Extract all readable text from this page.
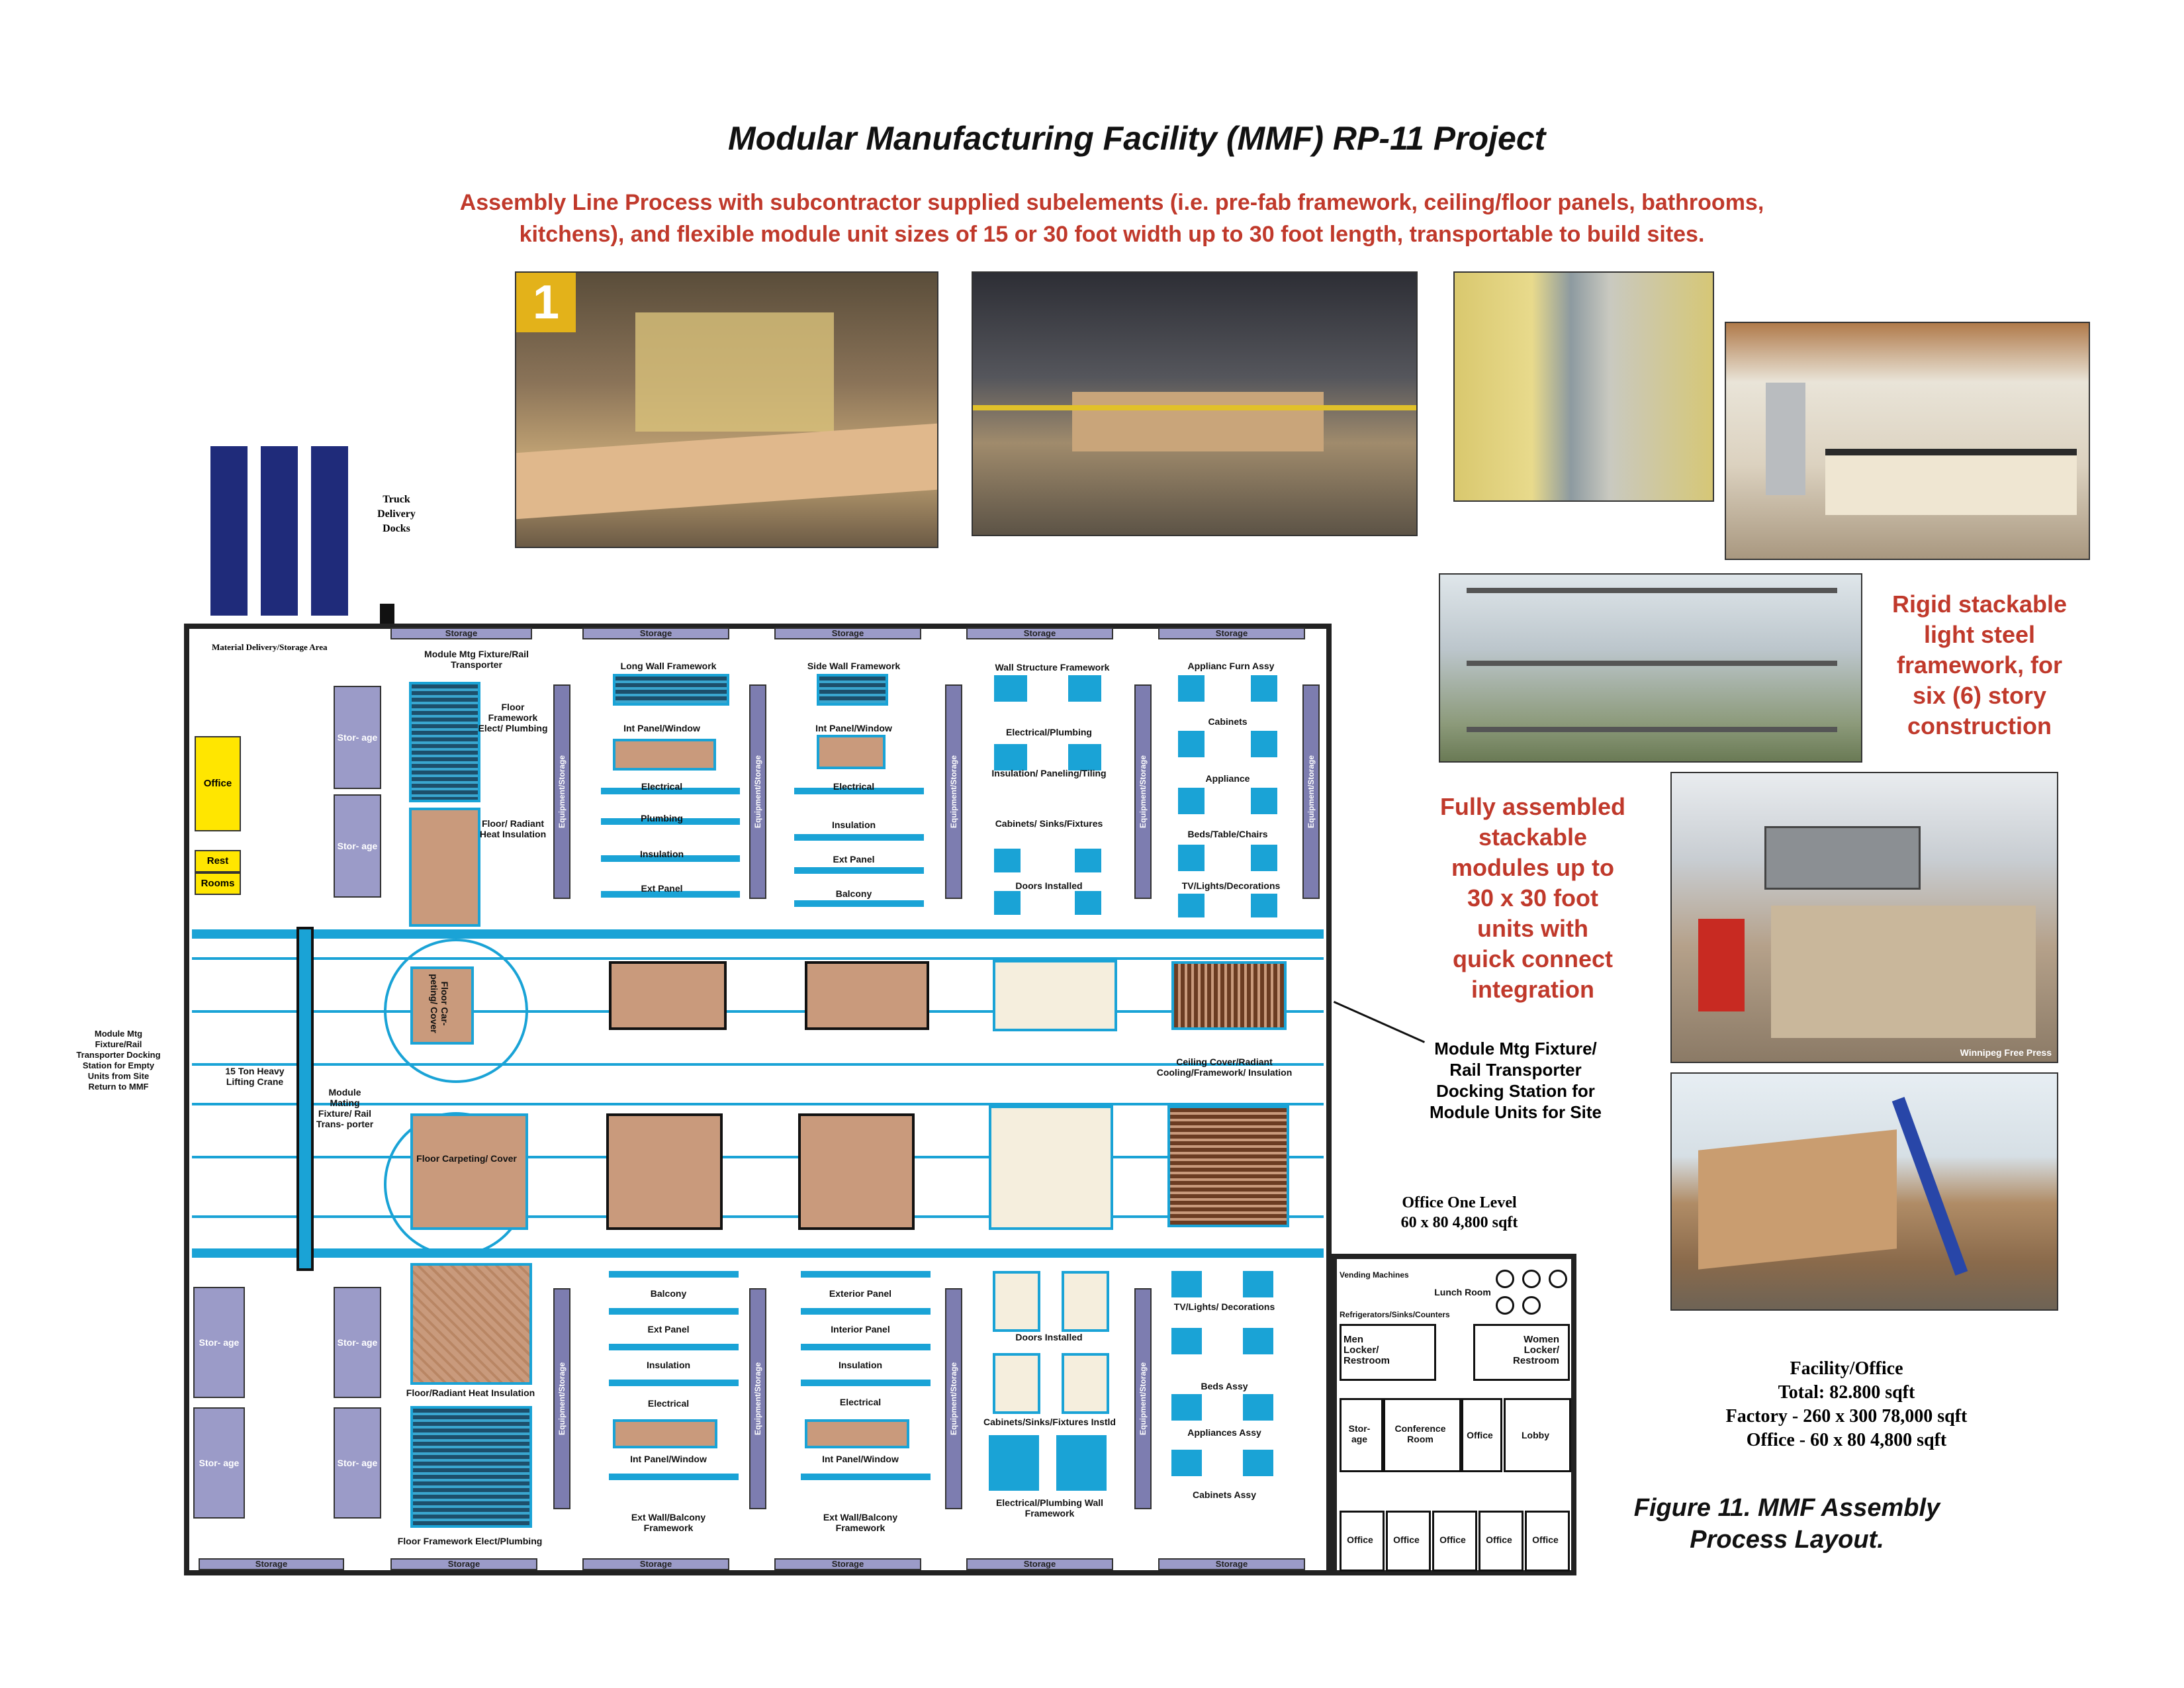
Modular Manufacturing Facility (MMF) RP-11 Project
Assembly Line Process with subcontractor supplied subelements (i.e. pre-fab framework, ceiling/floor panels, bathrooms,
kitchens), and flexible module unit sizes of 15 or 30 foot width up to 30 foot length, transportable to build sites.
1
Winnipeg Free Press
Rigid stackable
light steel
framework, for
six (6) story
construction
Fully assembled
stackable
modules up to
30 x 30 foot
units with
quick connect
integration
Truck
Delivery
Docks
Material Delivery/Storage Area
Storage	Storage	Storage	Storage	Storage
Storage	Storage	Storage	Storage	Storage	Storage
Office
Rest
Rooms
Stor- age
Stor- age
Equipment/Storage	Equipment/Storage	Equipment/Storage	Equipment/Storage	Equipment/Storage
Module Mtg Fixture/Rail Transporter	Long Wall Framework	Side Wall Framework	Wall Structure Framework	Applianc Furn Assy
Floor Framework Elect/ Plumbing
Floor/ Radiant Heat Insulation
Int Panel/Window
Electrical
Plumbing
Insulation
Ext Panel
Int Panel/Window
Electrical
Insulation
Ext Panel
Balcony
Electrical/Plumbing
Insulation/ Paneling/Tiling
Cabinets/ Sinks/Fixtures
Doors Installed
Cabinets
Appliance
Beds/Table/Chairs
TV/Lights/Decorations
15 Ton Heavy Lifting Crane
Module Mating Fixture/ Rail Trans- porter
Floor Car- peting/ Cover
Floor Carpeting/ Cover
Ceiling Cover/Radiant Cooling/Framework/ Insulation
Module Mtg Fixture/Rail Transporter Docking Station for Empty Units from Site Return to MMF
Module Mtg Fixture/ Rail Transporter Docking Station for Module Units for Site
Stor- age
Stor- age
Stor- age
Stor- age
Equipment/Storage	Equipment/Storage	Equipment/Storage	Equipment/Storage
Floor/Radiant Heat Insulation
Floor Framework Elect/Plumbing
Balcony
Ext Panel
Insulation
Electrical
Int Panel/Window
Ext Wall/Balcony Framework
Exterior Panel
Interior Panel
Insulation
Electrical
Int Panel/Window
Ext Wall/Balcony Framework
Doors Installed
Cabinets/Sinks/Fixtures Instld
Electrical/Plumbing Wall Framework
TV/Lights/ Decorations
Beds Assy
Appliances Assy
Cabinets Assy
Office One Level
60 x 80 4,800 sqft
Vending Machines
Lunch Room
Refrigerators/Sinks/Counters
Men
Locker/
Restroom
Women
Locker/
Restroom
Stor- age
Conference Room	Office	Lobby
Office	Office	Office	Office	Office
Facility/Office
Total: 82.800 sqft
Factory - 260 x 300 78,000 sqft
Office - 60 x 80 4,800 sqft
Figure 11. MMF Assembly
Process Layout.
